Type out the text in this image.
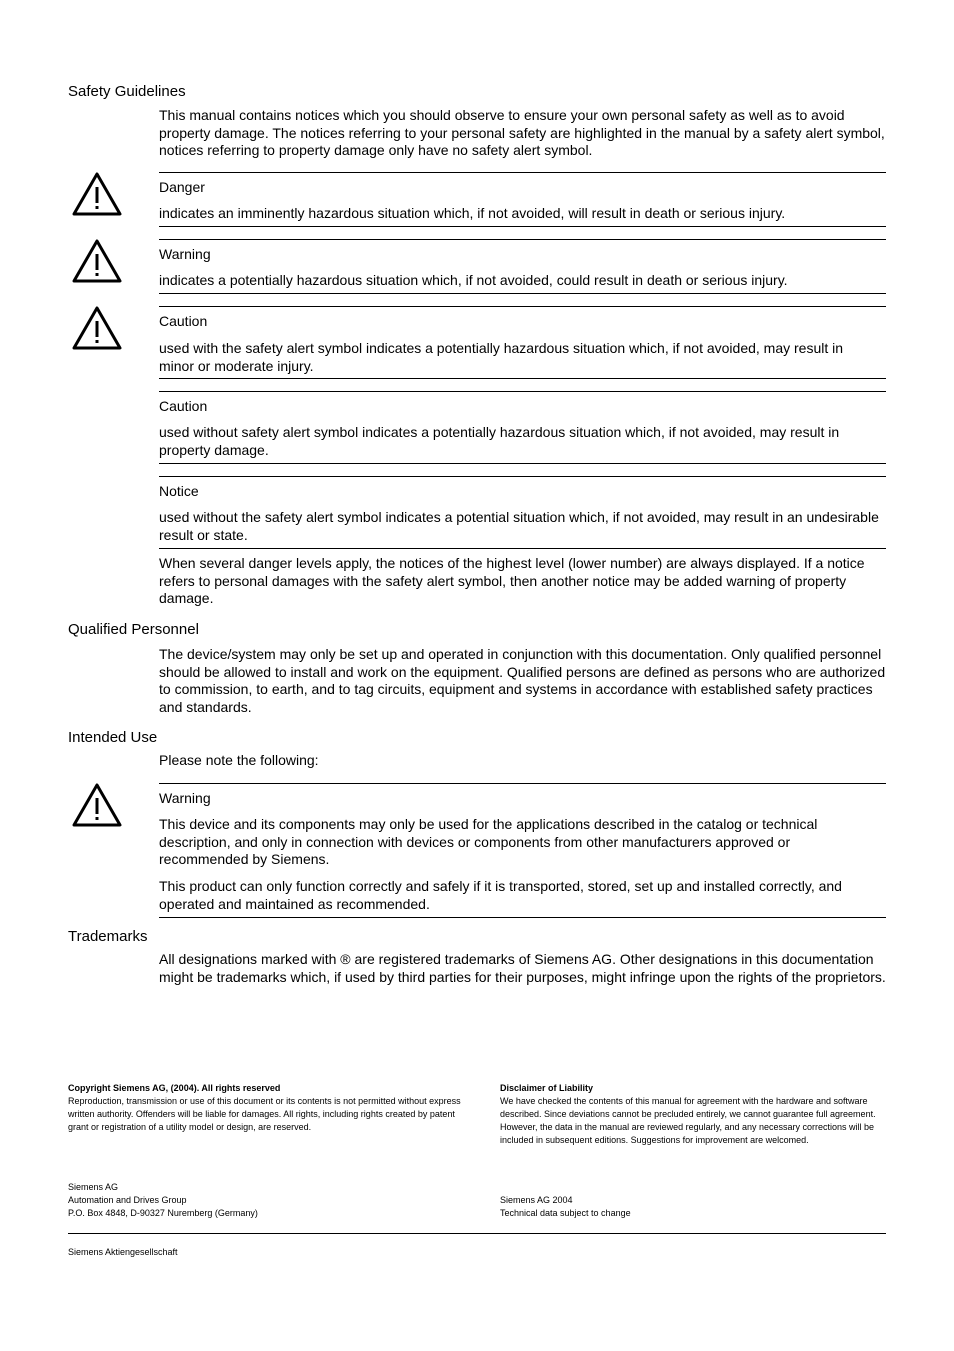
Safety Guidelines

This manual contains notices which you should observe to ensure your own personal safety as well as to avoid property damage. The notices referring to your personal safety are highlighted in the manual by a safety alert symbol, notices referring to property damage only have no safety alert symbol.

Danger
indicates an imminently hazardous situation which, if not avoided, will result in death or serious injury.
Warning
indicates a potentially hazardous situation which, if not avoided, could result in death or serious injury.
Caution
used with the safety alert symbol indicates a potentially hazardous situation which, if not avoided, may result in minor or moderate injury.
Caution
used without safety alert symbol indicates a potentially hazardous situation which, if not avoided, may result in property damage.
Notice
used without the safety alert symbol indicates a potential situation which, if not avoided, may result in an undesirable result or state.

When several danger levels apply, the notices of the highest level (lower number) are always displayed. If a notice refers to personal damages with the safety alert symbol, then another notice may be added warning of property damage.

Qualified Personnel

The device/system may only be set up and operated in conjunction with this documentation. Only qualified personnel should be allowed to install and work on the equipment. Qualified persons are defined as persons who are authorized to commission, to earth, and to tag circuits, equipment and systems in accordance with established safety practices and standards.

Intended Use

Please note the following:

Warning
This device and its components may only be used for the applications described in the catalog or technical description, and only in connection with devices or components from other manufacturers approved or recommended by Siemens.
This product can only function correctly and safely if it is transported, stored, set up and installed correctly, and operated and maintained as recommended.
Trademarks

All designations marked with ® are registered trademarks of Siemens AG. Other designations in this documentation might be trademarks which, if used by third parties for their purposes, might infringe upon the rights of the proprietors.

Copyright Siemens AG, (2004). All rights reserved
Reproduction, transmission or use of this document or its contents is not permitted without express written authority. Offenders will be liable for damages. All rights, including rights created by patent grant or registration of a utility model or design, are reserved.
Disclaimer of Liability
We have checked the contents of this manual for agreement with the hardware and software described. Since deviations cannot be precluded entirely, we cannot guarantee full agreement. However, the data in the manual are reviewed regularly, and any necessary corrections will be included in subsequent editions. Suggestions for improvement are welcomed.
Siemens AG
Automation and Drives Group
P.O. Box 4848, D-90327 Nuremberg (Germany)
Siemens AG 2004
Technical data subject to change
Siemens Aktiengesellschaft
